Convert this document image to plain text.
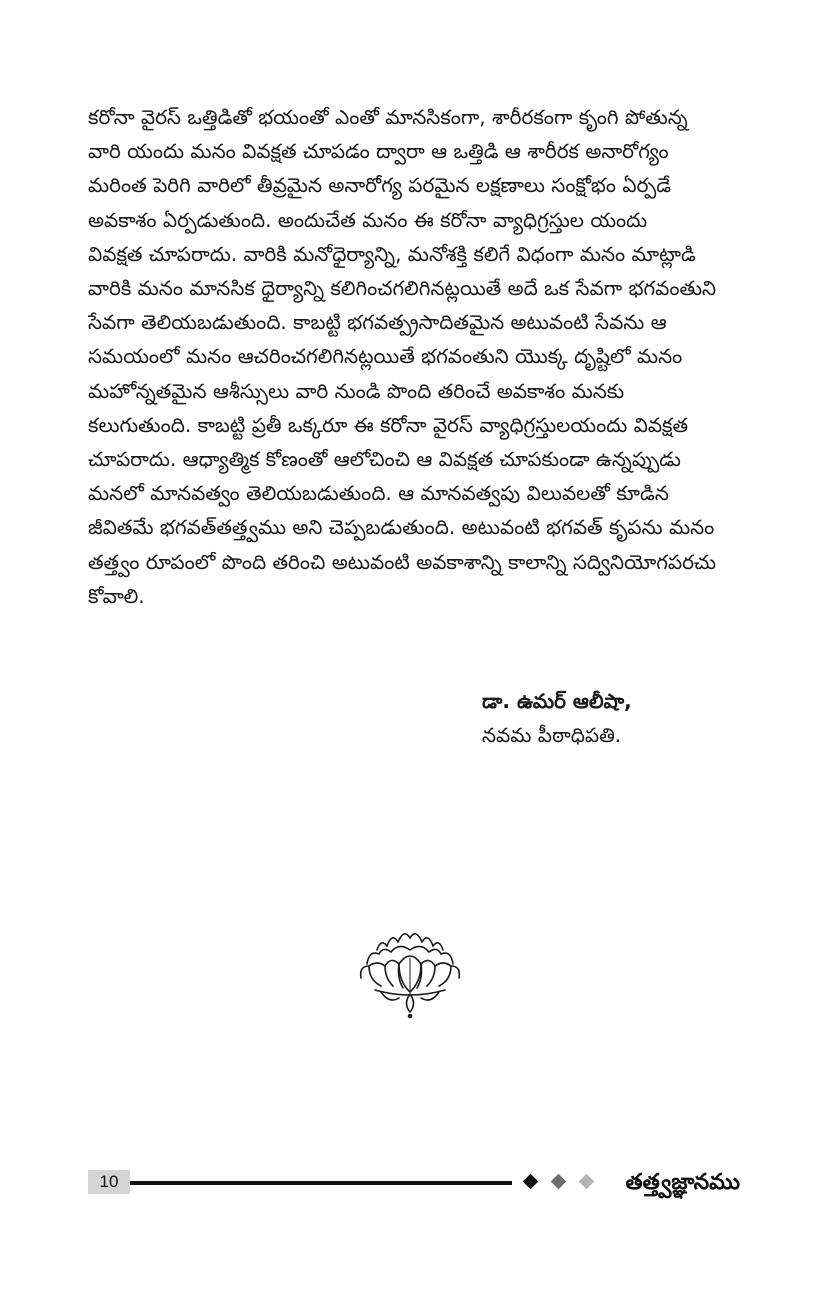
కరోనా వైరస్ ఒత్తిడితో భయంతో ఎంతో మానసికంగా, శారీరకంగా కృంగి పోతున్న
వారి యందు మనం వివక్షత చూపడం ద్వారా ఆ ఒత్తిడి ఆ శారీరక అనారోగ్యం
మరింత పెరిగి వారిలో తీవ్రమైన అనారోగ్య పరమైన లక్షణాలు సంక్షోభం ఏర్పడే
అవకాశం ఏర్పడుతుంది. అందుచేత మనం ఈ కరోనా వ్యాధిగ్రస్తుల యందు
వివక్షత చూపరాదు. వారికి మనోధైర్యాన్ని, మనోశక్తి కలిగే విధంగా మనం మాట్లాడి
వారికి మనం మానసిక ధైర్యాన్ని కలిగించగలిగినట్లయితే అదే ఒక సేవగా భగవంతుని
సేవగా తెలియబడుతుంది. కాబట్టి భగవత్ప్రసాదితమైన అటువంటి సేవను ఆ
సమయంలో మనం ఆచరించగలిగినట్లయితే భగవంతుని యొక్క దృష్టిలో మనం
మహోన్నతమైన ఆశీస్సులు వారి నుండి పొంది తరించే అవకాశం మనకు
కలుగుతుంది. కాబట్టి ప్రతీ ఒక్కరూ ఈ కరోనా వైరస్ వ్యాధిగ్రస్తులయందు వివక్షత
చూపరాదు. ఆధ్యాత్మిక కోణంతో ఆలోచించి ఆ వివక్షత చూపకుండా ఉన్నప్పుడు
మనలో మానవత్వం తెలియబడుతుంది. ఆ మానవత్వపు విలువలతో కూడిన
జీవితమే భగవత్‌తత్త్వము అని చెప్పబడుతుంది. అటువంటి భగవత్ కృపను మనం
తత్త్వం రూపంలో పొంది తరించి అటువంటి అవకాశాన్ని కాలాన్ని సద్వినియోగపరచు
కోవాలి.

డా. ఉమర్ ఆలీషా,

నవమ పీఠాధిపతి.

10	తత్త్వజ్ఞానము
